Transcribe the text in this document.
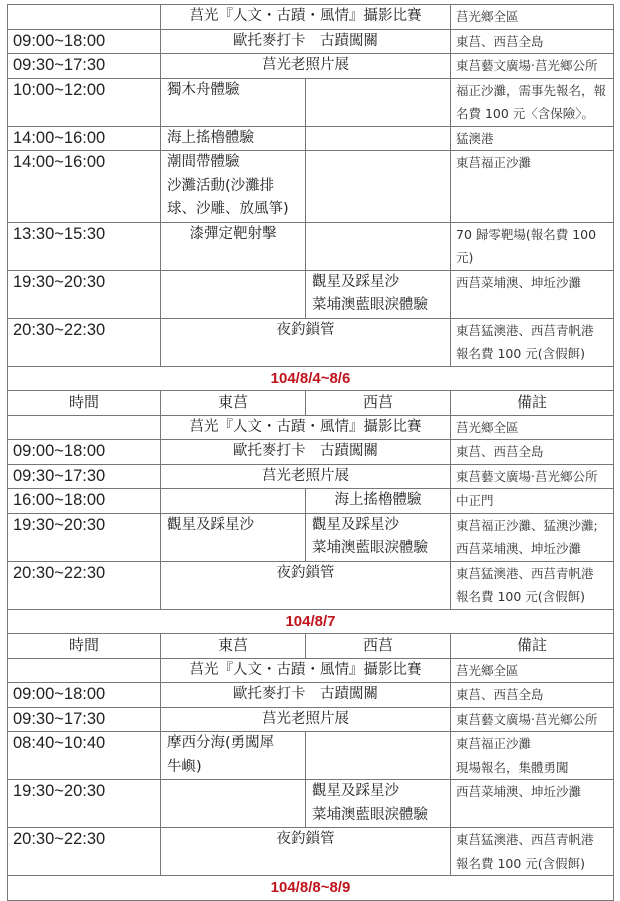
	莒光『人文・古蹟・風情』攝影比賽		莒光鄉全區
09:00~18:00	歐托麥打卡　古蹟闖關		東莒、西莒全島
09:30~17:30	莒光老照片展		東莒藝文廣場‧莒光鄉公所
10:00~12:00	獨木舟體驗		福正沙灘，需事先報名，報
名費 100 元〈含保險〉。
14:00~16:00	海上搖櫓體驗		猛澳港
14:00~16:00	潮間帶體驗
沙灘活動(沙灘排
球、沙雕、放風箏)		東莒福正沙灘
13:30~15:30	漆彈定靶射擊		70 歸零靶場(報名費 100 元)
19:30~20:30		觀星及踩星沙
菜埔澳藍眼淚體驗	西莒菜埔澳、坤坵沙灘
20:30~22:30	夜釣鎖管		東莒猛澳港、西莒青帆港
報名費 100 元(含假餌)
104/8/4~8/6			
時間	東莒	西莒	備註
	莒光『人文・古蹟・風情』攝影比賽		莒光鄉全區
09:00~18:00	歐托麥打卡　古蹟闖關		東莒、西莒全島
09:30~17:30	莒光老照片展		東莒藝文廣場‧莒光鄉公所
16:00~18:00		海上搖櫓體驗	中正門
19:30~20:30	觀星及踩星沙	觀星及踩星沙
菜埔澳藍眼淚體驗	東莒福正沙灘、猛澳沙灘;
西莒菜埔澳、坤坵沙灘
20:30~22:30	夜釣鎖管		東莒猛澳港、西莒青帆港
報名費 100 元(含假餌)
104/8/7			
時間	東莒	西莒	備註
	莒光『人文・古蹟・風情』攝影比賽		莒光鄉全區
09:00~18:00	歐托麥打卡　古蹟闖關		東莒、西莒全島
09:30~17:30	莒光老照片展		東莒藝文廣場‧莒光鄉公所
08:40~10:40	摩西分海(勇闖犀
牛嶼)		東莒福正沙灘
現場報名，集體勇闖
19:30~20:30		觀星及踩星沙
菜埔澳藍眼淚體驗	西莒菜埔澳、坤坵沙灘
20:30~22:30	夜釣鎖管		東莒猛澳港、西莒青帆港
報名費 100 元(含假餌)
104/8/8~8/9			
